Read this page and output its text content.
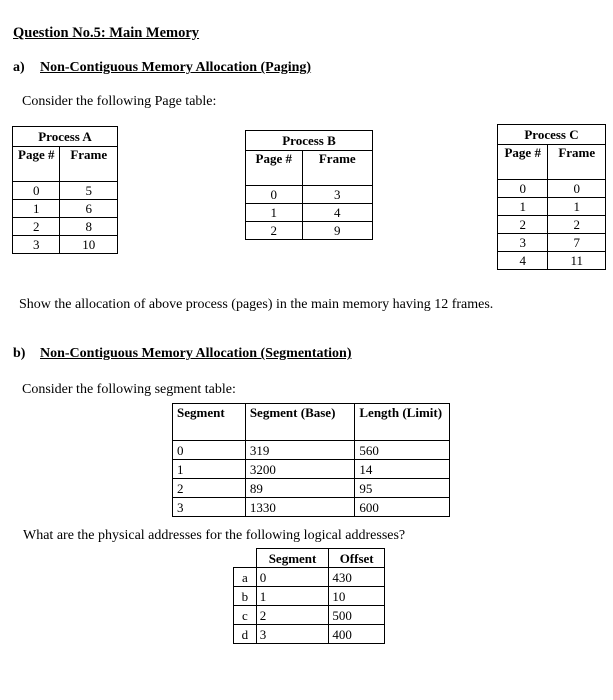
Question No.5: Main Memory
a) Non-Contiguous Memory Allocation (Paging)
Consider the following Page table:
Process A	
Page #	Frame
0	5
1	6
2	8
3	10
Process B	
Page #	Frame
0	3
1	4
2	9
Process C	
Page #	Frame
0	0
1	1
2	2
3	7
4	11
Show the allocation of above process (pages) in the main memory having 12 frames.
b) Non-Contiguous Memory Allocation (Segmentation)
Consider the following segment table:
Segment	Segment (Base)	Length (Limit)
0	319	560
1	3200	14
2	89	95
3	1330	600
What are the physical addresses for the following logical addresses?
	Segment	Offset
a	0	430
b	1	10
c	2	500
d	3	400
